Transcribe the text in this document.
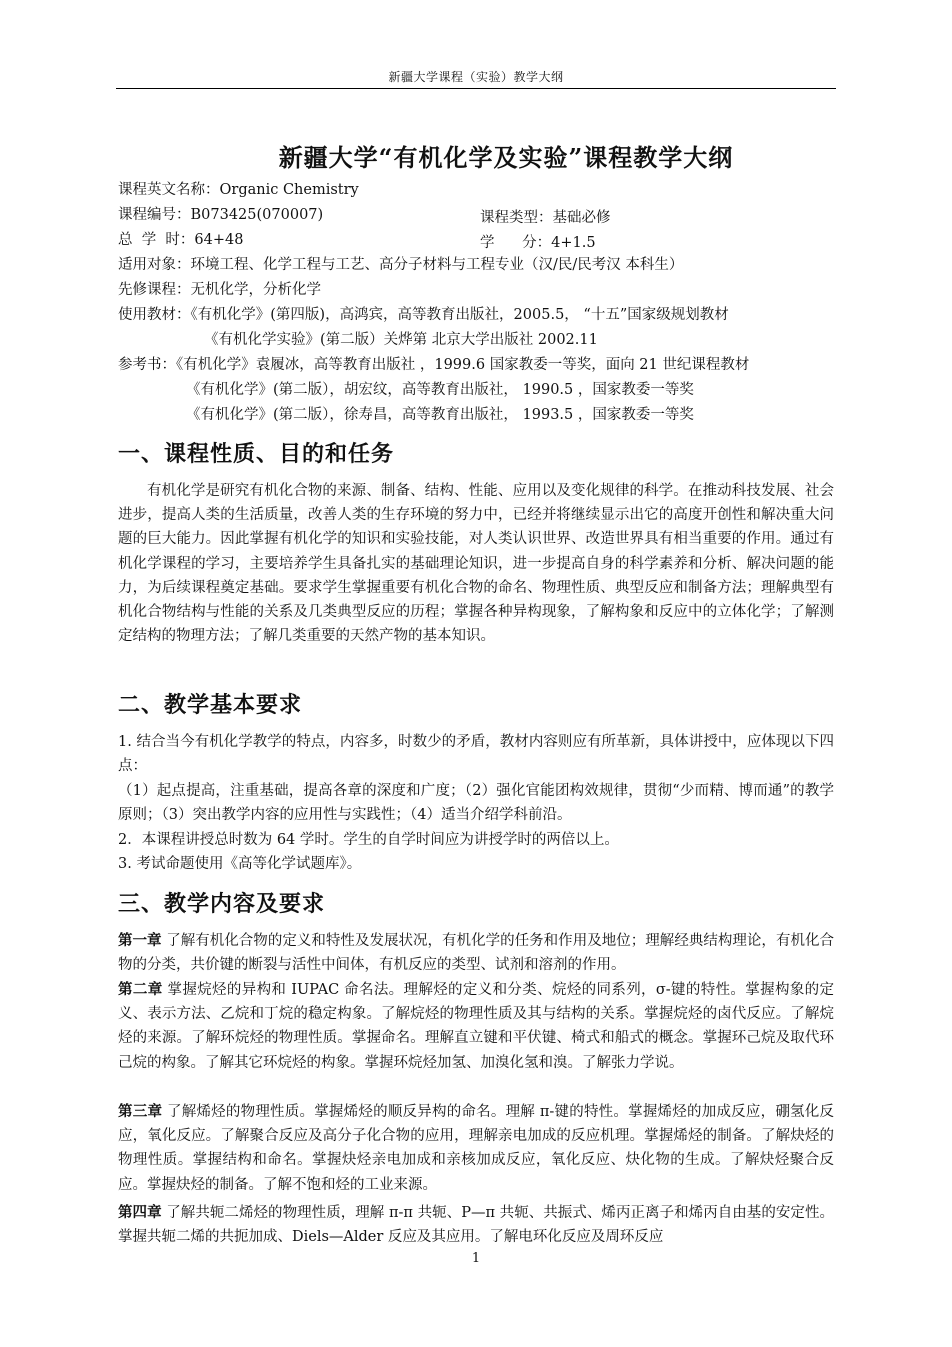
新疆大学课程（实验）教学大纲
新疆大学“有机化学及实验”课程教学大纲
课程英文名称：Organic Chemistry
课程编号：B073425(070007)	课程类型：基础必修
总  学  时：64+48	学      分：4+1.5
适用对象：环境工程、化学工程与工艺、高分子材料与工程专业（汉/民/民考汉 本科生）
先修课程：无机化学，分析化学
使用教材：《有机化学》(第四版)，高鸿宾，高等教育出版社，2005.5， “十五”国家级规划教材
《有机化学实验》(第二版）关烨第 北京大学出版社 2002.11
参考书：《有机化学》袁履冰，高等教育出版社 ，1999.6 国家教委一等奖，面向 21 世纪课程教材
《有机化学》(第二版），胡宏纹，高等教育出版社， 1990.5 ，国家教委一等奖
《有机化学》(第二版），徐寿昌，高等教育出版社， 1993.5 ，国家教委一等奖
一、课程性质、目的和任务

有机化学是研究有机化合物的来源、制备、结构、性能、应用以及变化规律的科学。在推动科技发展、社会进步，提高人类的生活质量，改善人类的生存环境的努力中，已经并将继续显示出它的高度开创性和解决重大问题的巨大能力。因此掌握有机化学的知识和实验技能，对人类认识世界、改造世界具有相当重要的作用。通过有机化学课程的学习，主要培养学生具备扎实的基础理论知识，进一步提高自身的科学素养和分析、解决问题的能力，为后续课程奠定基础。要求学生掌握重要有机化合物的命名、物理性质、典型反应和制备方法；理解典型有机化合物结构与性能的关系及几类典型反应的历程；掌握各种异构现象，了解构象和反应中的立体化学；了解测定结构的物理方法；了解几类重要的天然产物的基本知识。

二、教学基本要求

1. 结合当今有机化学教学的特点，内容多，时数少的矛盾，教材内容则应有所革新，具体讲授中，应体现以下四点：

（1）起点提高，注重基础，提高各章的深度和广度；（2）强化官能团构效规律，贯彻“少而精、博而通”的教学原则；（3）突出教学内容的应用性与实践性；（4）适当介绍学科前沿。

2．本课程讲授总时数为 64 学时。学生的自学时间应为讲授学时的两倍以上。

3. 考试命题使用《高等化学试题库》。

三、教学内容及要求

第一章 了解有机化合物的定义和特性及发展状况，有机化学的任务和作用及地位；理解经典结构理论，有机化合物的分类，共价键的断裂与活性中间体，有机反应的类型、试剂和溶剂的作用。

第二章 掌握烷烃的异构和 IUPAC 命名法。理解烃的定义和分类、烷烃的同系列，σ-键的特性。掌握构象的定义、表示方法、乙烷和丁烷的稳定构象。了解烷烃的物理性质及其与结构的关系。掌握烷烃的卤代反应。了解烷烃的来源。了解环烷烃的物理性质。掌握命名。理解直立键和平伏键、椅式和船式的概念。掌握环己烷及取代环己烷的构象。了解其它环烷烃的构象。掌握环烷烃加氢、加溴化氢和溴。了解张力学说。

第三章 了解烯烃的物理性质。掌握烯烃的顺反异构的命名。理解 π-键的特性。掌握烯烃的加成反应，硼氢化反应，氧化反应。了解聚合反应及高分子化合物的应用，理解亲电加成的反应机理。掌握烯烃的制备。了解炔烃的物理性质。掌握结构和命名。掌握炔烃亲电加成和亲核加成反应，氧化反应、炔化物的生成。了解炔烃聚合反应。掌握炔烃的制备。了解不饱和烃的工业来源。

第四章 了解共轭二烯烃的物理性质，理解 π-π 共轭、P—π 共轭、共振式、烯丙正离子和烯丙自由基的安定性。掌握共轭二烯的共扼加成、Diels—Alder 反应及其应用。了解电环化反应及周环反应

1
